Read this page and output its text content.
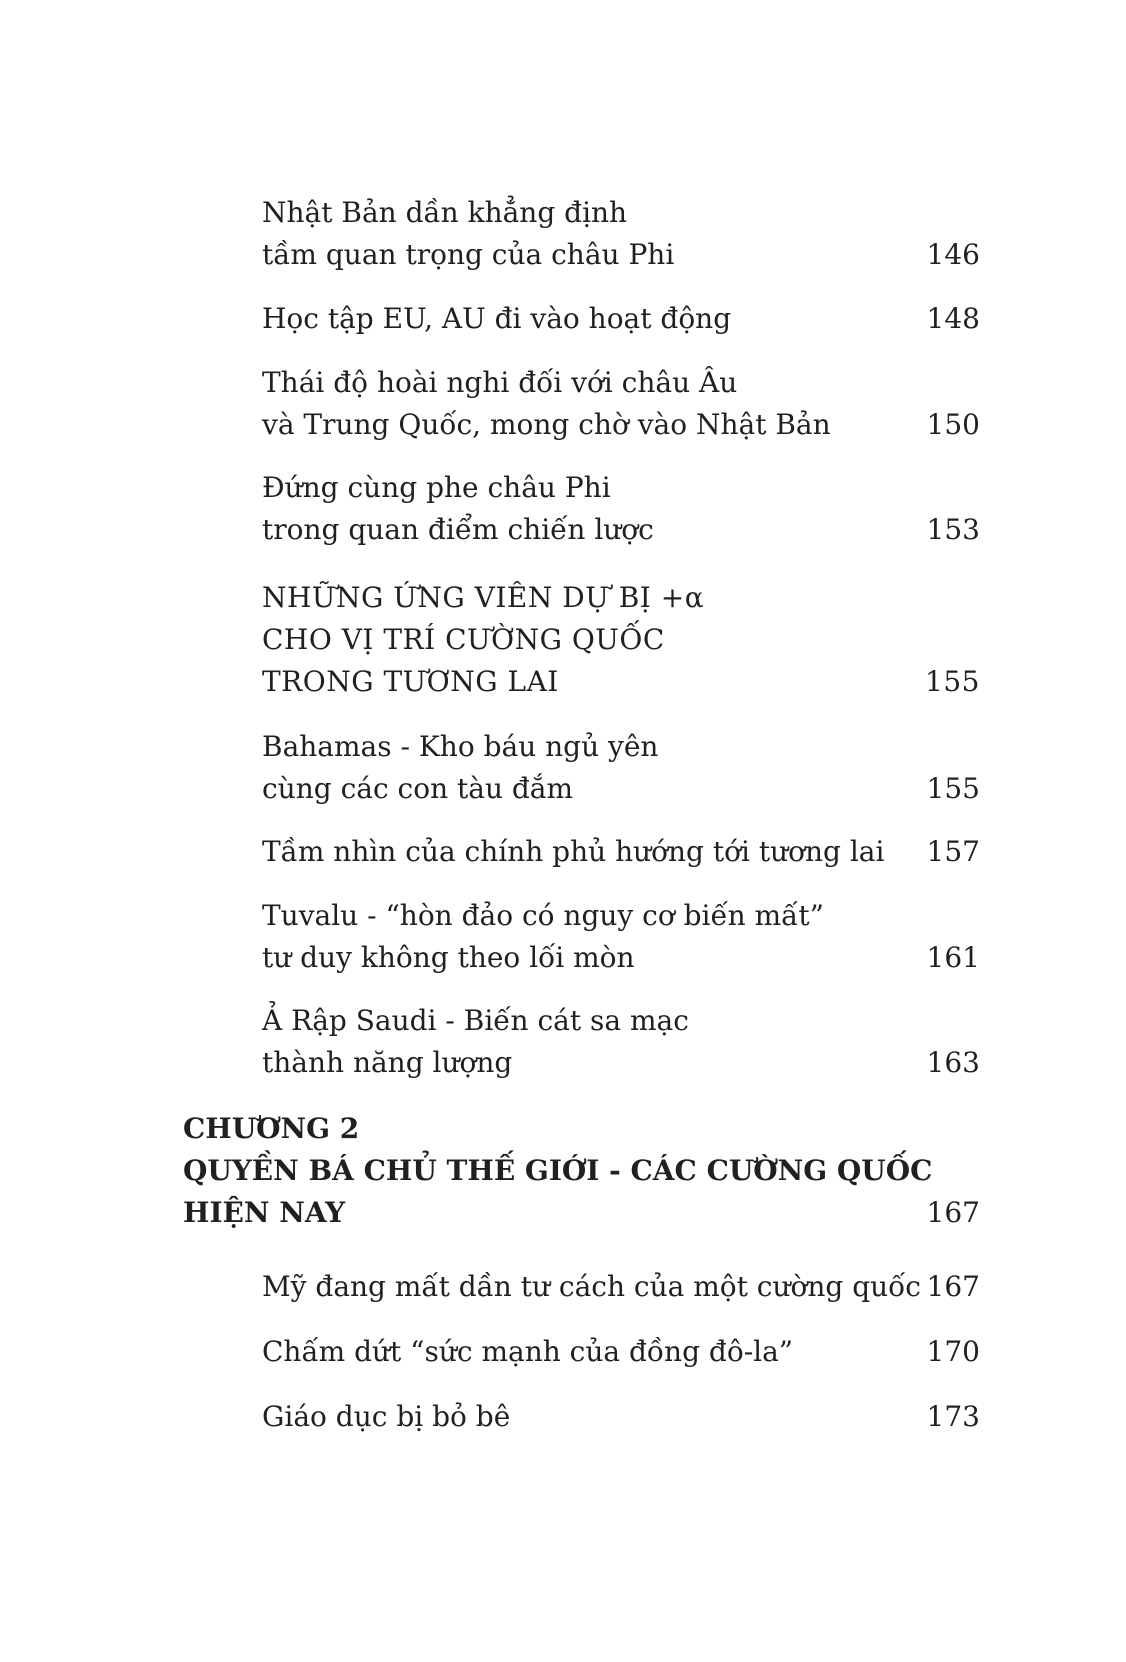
Nhật Bản dần khẳng định
tầm quan trọng của châu Phi	146
Học tập EU, AU đi vào hoạt động	148
Thái độ hoài nghi đối với châu Âu
và Trung Quốc, mong chờ vào Nhật Bản	150
Đứng cùng phe châu Phi
trong quan điểm chiến lược	153
NHỮNG ỨNG VIÊN DỰ BỊ +α
CHO VỊ TRÍ CƯỜNG QUỐC
TRONG TƯƠNG LAI	155
Bahamas - Kho báu ngủ yên
cùng các con tàu đắm	155
Tầm nhìn của chính phủ hướng tới tương lai	157
Tuvalu - “hòn đảo có nguy cơ biến mất”
tư duy không theo lối mòn	161
Ả Rập Saudi - Biến cát sa mạc
thành năng lượng	163
CHƯƠNG 2
QUYỀN BÁ CHỦ THẾ GIỚI - CÁC CƯỜNG QUỐC
HIỆN NAY	167
Mỹ đang mất dần tư cách của một cường quốc 167
Chấm dứt “sức mạnh của đồng đô-la”	170
Giáo dục bị bỏ bê	173
